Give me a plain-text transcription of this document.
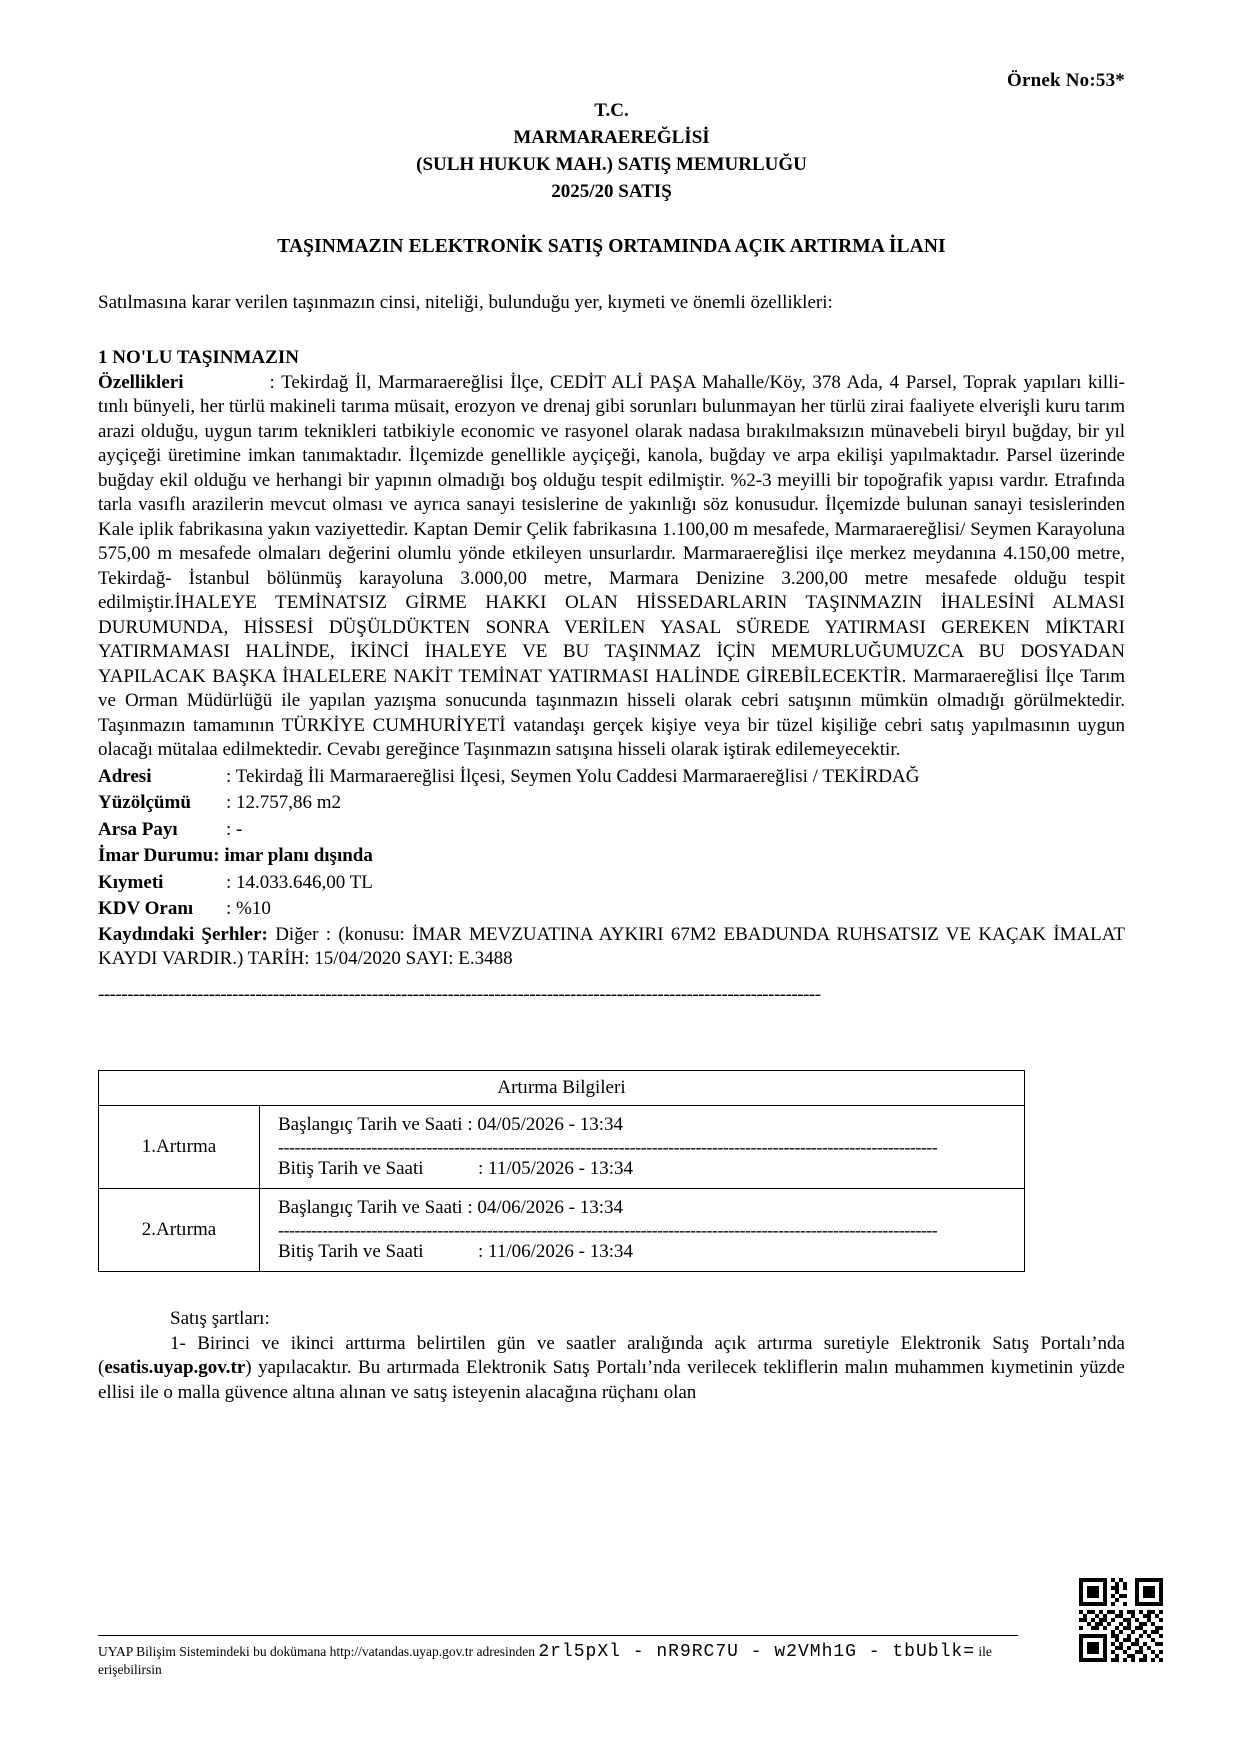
Örnek No:53*
T.C.
MARMARAEREĞLİSİ
(SULH HUKUK MAH.) SATIŞ MEMURLUĞU
2025/20 SATIŞ
TAŞINMAZIN ELEKTRONİK SATIŞ ORTAMINDA AÇIK ARTIRMA İLANI
Satılmasına karar verilen taşınmazın cinsi, niteliği, bulunduğu yer, kıymeti ve önemli özellikleri:
1 NO'LU TAŞINMAZIN
Özellikleri	: Tekirdağ İl, Marmaraereğlisi İlçe, CEDİT ALİ PAŞA Mahalle/Köy, 378 Ada, 4 Parsel, Toprak yapıları killi- tınlı bünyeli, her türlü makineli tarıma müsait, erozyon ve drenaj gibi sorunları bulunmayan her türlü zirai faaliyete elverişli kuru tarım arazi olduğu, uygun tarım teknikleri tatbikiyle economic ve rasyonel olarak nadasa bırakılmaksızın münavebeli biryıl buğday, bir yıl ayçiçeği üretimine imkan tanımaktadır. İlçemizde genellikle ayçiçeği, kanola, buğday ve arpa ekilişi yapılmaktadır. Parsel üzerinde buğday ekil olduğu ve herhangi bir yapının olmadığı boş olduğu tespit edilmiştir. %2-3 meyilli bir topoğrafik yapısı vardır. Etrafında tarla vasıflı arazilerin mevcut olması ve ayrıca sanayi tesislerine de yakınlığı söz konusudur. İlçemizde bulunan sanayi tesislerinden Kale iplik fabrikasına yakın vaziyettedir. Kaptan Demir Çelik fabrikasına 1.100,00 m mesafede, Marmaraereğlisi/ Seymen Karayoluna 575,00 m mesafede olmaları değerini olumlu yönde etkileyen unsurlardır. Marmaraereğlisi ilçe merkez meydanına 4.150,00 metre, Tekirdağ- İstanbul bölünmüş karayoluna 3.000,00 metre, Marmara Denizine 3.200,00 metre mesafede olduğu tespit edilmiştir.İHALEYE TEMİNATSIZ GİRME HAKKI OLAN HİSSEDARLARIN TAŞINMAZIN İHALESİNİ ALMASI DURUMUNDA, HİSSESİ DÜŞÜLDÜKTEN SONRA VERİLEN YASAL SÜREDE YATIRMASI GEREKEN MİKTARI YATIRMAMASI HALİNDE, İKİNCİ İHALEYE VE BU TAŞINMAZ İÇİN MEMURLUĞUMUZCA BU DOSYADAN YAPILACAK BAŞKA İHALELERE NAKİT TEMİNAT YATIRMASI HALİNDE GİREBİLECEKTİR. Marmaraereğlisi İlçe Tarım ve Orman Müdürlüğü ile yapılan yazışma sonucunda taşınmazın hisseli olarak cebri satışının mümkün olmadığı görülmektedir. Taşınmazın tamamının TÜRKİYE CUMHURİYETİ vatandaşı gerçek kişiye veya bir tüzel kişiliğe cebri satış yapılmasının uygun olacağı mütalaa edilmektedir. Cevabı gereğince Taşınmazın satışına hisseli olarak iştirak edilemeyecektir.
Adresi	: Tekirdağ İli Marmaraereğlisi İlçesi, Seymen Yolu Caddesi Marmaraereğlisi / TEKİRDAĞ
Yüzölçümü : 12.757,86 m2
Arsa Payı	: -
İmar Durumu: imar planı dışında
Kıymeti	: 14.033.646,00 TL
KDV Oranı : %10
Kaydındaki Şerhler: Diğer : (konusu: İMAR MEVZUATINA AYKIRI 67M2 EBADUNDA RUHSATSIZ VE KAÇAK İMALAT KAYDI VARDIR.) TARİH: 15/04/2020 SAYI: E.3488
----------------------------------------------------------------------------------------------------------------------------
Artırma Bilgileri	
1.Artırma	Başlangıç Tarih ve Saati : 04/05/2026 - 13:34
------------------------------------------------------------------------------------------------------------------------
Bitiş Tarih ve Saati : 11/05/2026 - 13:34

2.Artırma	Başlangıç Tarih ve Saati : 04/06/2026 - 13:34
------------------------------------------------------------------------------------------------------------------------
Bitiş Tarih ve Saati : 11/06/2026 - 13:34
Satış şartları:
1- Birinci ve ikinci arttırma belirtilen gün ve saatler aralığında açık artırma suretiyle Elektronik Satış Portalı’nda (esatis.uyap.gov.tr) yapılacaktır. Bu artırmada Elektronik Satış Portalı’nda verilecek tekliflerin malın muhammen kıymetinin yüzde ellisi ile o malla güvence altına alınan ve satış isteyenin alacağına rüçhanı olan
UYAP Bilişim Sistemindeki bu dokümana http://vatandas.uyap.gov.tr adresinden 2rl5pXl - nR9RC7U - w2VMh1G - tbUblk= ile erişebilirsin
